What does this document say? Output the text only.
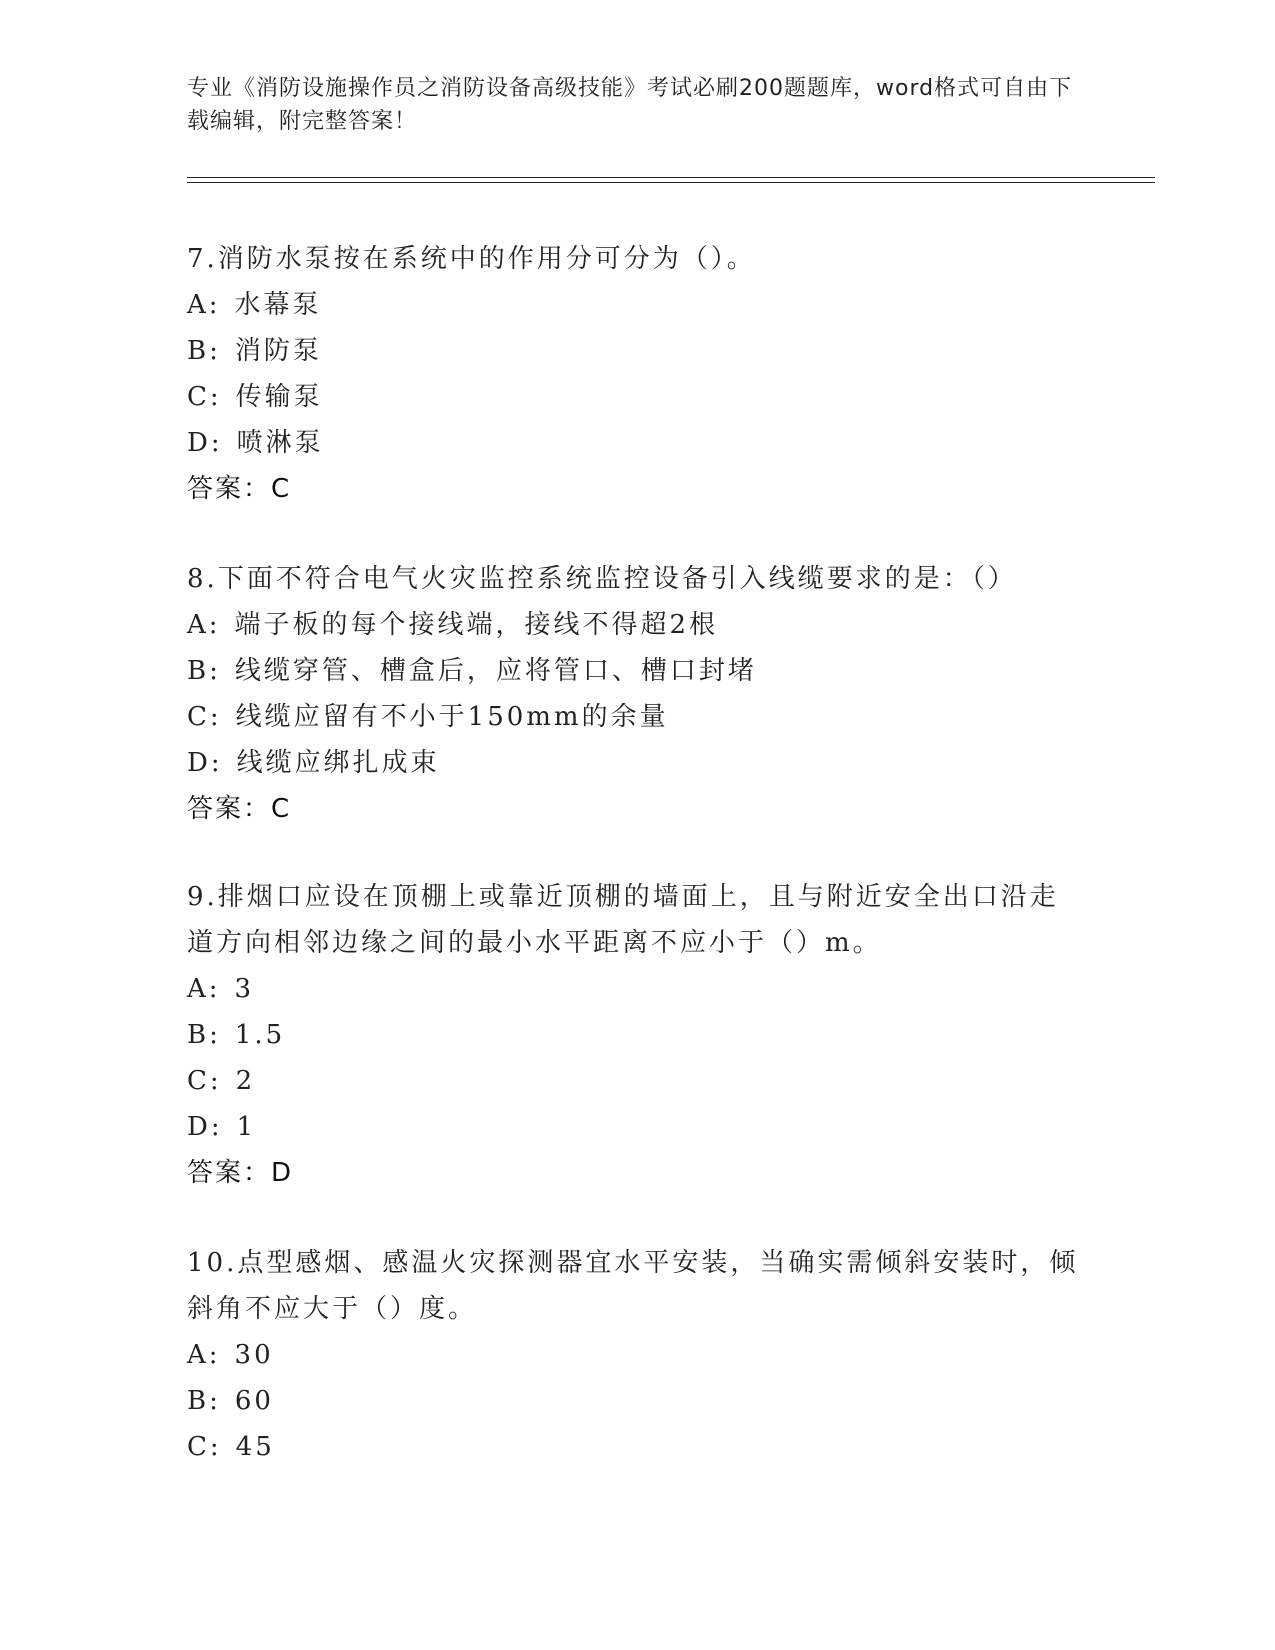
专业《消防设施操作员之消防设备高级技能》考试必刷200题题库，word格式可自由下载编辑，附完整答案！

7.消防水泵按在系统中的作用分可分为（）。

A: 水幕泵
B: 消防泵
C: 传输泵
D: 喷淋泵
答案：C

8.下面不符合电气火灾监控系统监控设备引入线缆要求的是：（）

A: 端子板的每个接线端，接线不得超2根
B: 线缆穿管、槽盒后，应将管口、槽口封堵
C: 线缆应留有不小于150mm的余量
D: 线缆应绑扎成束
答案：C

9.排烟口应设在顶棚上或靠近顶棚的墙面上，且与附近安全出口沿走道方向相邻边缘之间的最小水平距离不应小于（）m。

A: 3
B: 1.5
C: 2
D: 1
答案：D

10.点型感烟、感温火灾探测器宜水平安装，当确实需倾斜安装时，倾斜角不应大于（）度。

A: 30
B: 60
C: 45
